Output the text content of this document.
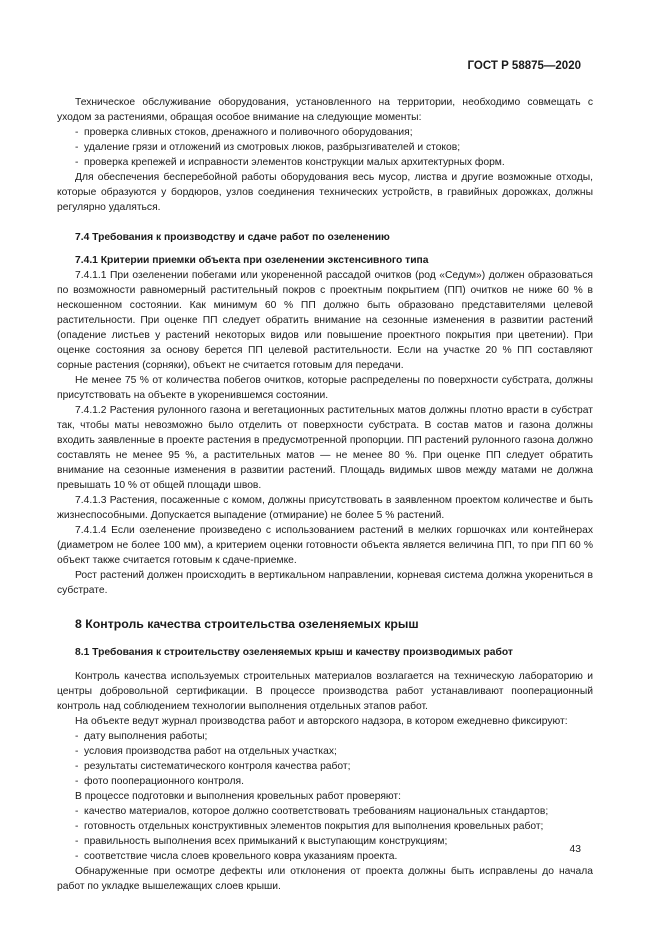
ГОСТ Р 58875—2020

Техническое обслуживание оборудования, установленного на территории, необходимо совмещать с уходом за растениями, обращая особое внимание на следующие моменты:

- проверка сливных стоков, дренажного и поливочного оборудования;

- удаление грязи и отложений из смотровых люков, разбрызгивателей и стоков;

- проверка крепежей и исправности элементов конструкции малых архитектурных форм.

Для обеспечения бесперебойной работы оборудования весь мусор, листва и другие возможные отходы, которые образуются у бордюров, узлов соединения технических устройств, в гравийных дорожках, должны регулярно удаляться.

7.4 Требования к производству и сдаче работ по озеленению

7.4.1 Критерии приемки объекта при озеленении экстенсивного типа

7.4.1.1 При озеленении побегами или укорененной рассадой очитков (род «Седум») должен образоваться по возможности равномерный растительный покров с проектным покрытием (ПП) очитков не ниже 60 % в нескошенном состоянии. Как минимум 60 % ПП должно быть образовано представителями целевой растительности. При оценке ПП следует обратить внимание на сезонные изменения в развитии растений (опадение листьев у растений некоторых видов или повышение проектного покрытия при цветении). При оценке состояния за основу берется ПП целевой растительности. Если на участке 20 % ПП составляют сорные растения (сорняки), объект не считается готовым для передачи.

Не менее 75 % от количества побегов очитков, которые распределены по поверхности субстрата, должны присутствовать на объекте в укоренившемся состоянии.

7.4.1.2 Растения рулонного газона и вегетационных растительных матов должны плотно врасти в субстрат так, чтобы маты невозможно было отделить от поверхности субстрата. В состав матов и газона должны входить заявленные в проекте растения в предусмотренной пропорции. ПП растений рулонного газона должно составлять не менее 95 %, а растительных матов — не менее 80 %. При оценке ПП следует обратить внимание на сезонные изменения в развитии растений. Площадь видимых швов между матами не должна превышать 10 % от общей площади швов.

7.4.1.3 Растения, посаженные с комом, должны присутствовать в заявленном проектом количестве и быть жизнеспособными. Допускается выпадение (отмирание) не более 5 % растений.

7.4.1.4 Если озеленение произведено с использованием растений в мелких горшочках или контейнерах (диаметром не более 100 мм), а критерием оценки готовности объекта является величина ПП, то при ПП 60 % объект также считается готовым к сдаче-приемке.

Рост растений должен происходить в вертикальном направлении, корневая система должна укорениться в субстрате.

8 Контроль качества строительства озеленяемых крыш

8.1 Требования к строительству озеленяемых крыш и качеству производимых работ

Контроль качества используемых строительных материалов возлагается на техническую лабораторию и центры добровольной сертификации. В процессе производства работ устанавливают пооперационный контроль над соблюдением технологии выполнения отдельных этапов работ.

На объекте ведут журнал производства работ и авторского надзора, в котором ежедневно фиксируют:

- дату выполнения работы;

- условия производства работ на отдельных участках;

- результаты систематического контроля качества работ;

- фото пооперационного контроля.

В процессе подготовки и выполнения кровельных работ проверяют:

- качество материалов, которое должно соответствовать требованиям национальных стандартов;

- готовность отдельных конструктивных элементов покрытия для выполнения кровельных работ;

- правильность выполнения всех примыканий к выступающим конструкциям;

- соответствие числа слоев кровельного ковра указаниям проекта.

Обнаруженные при осмотре дефекты или отклонения от проекта должны быть исправлены до начала работ по укладке вышележащих слоев крыши.

43
